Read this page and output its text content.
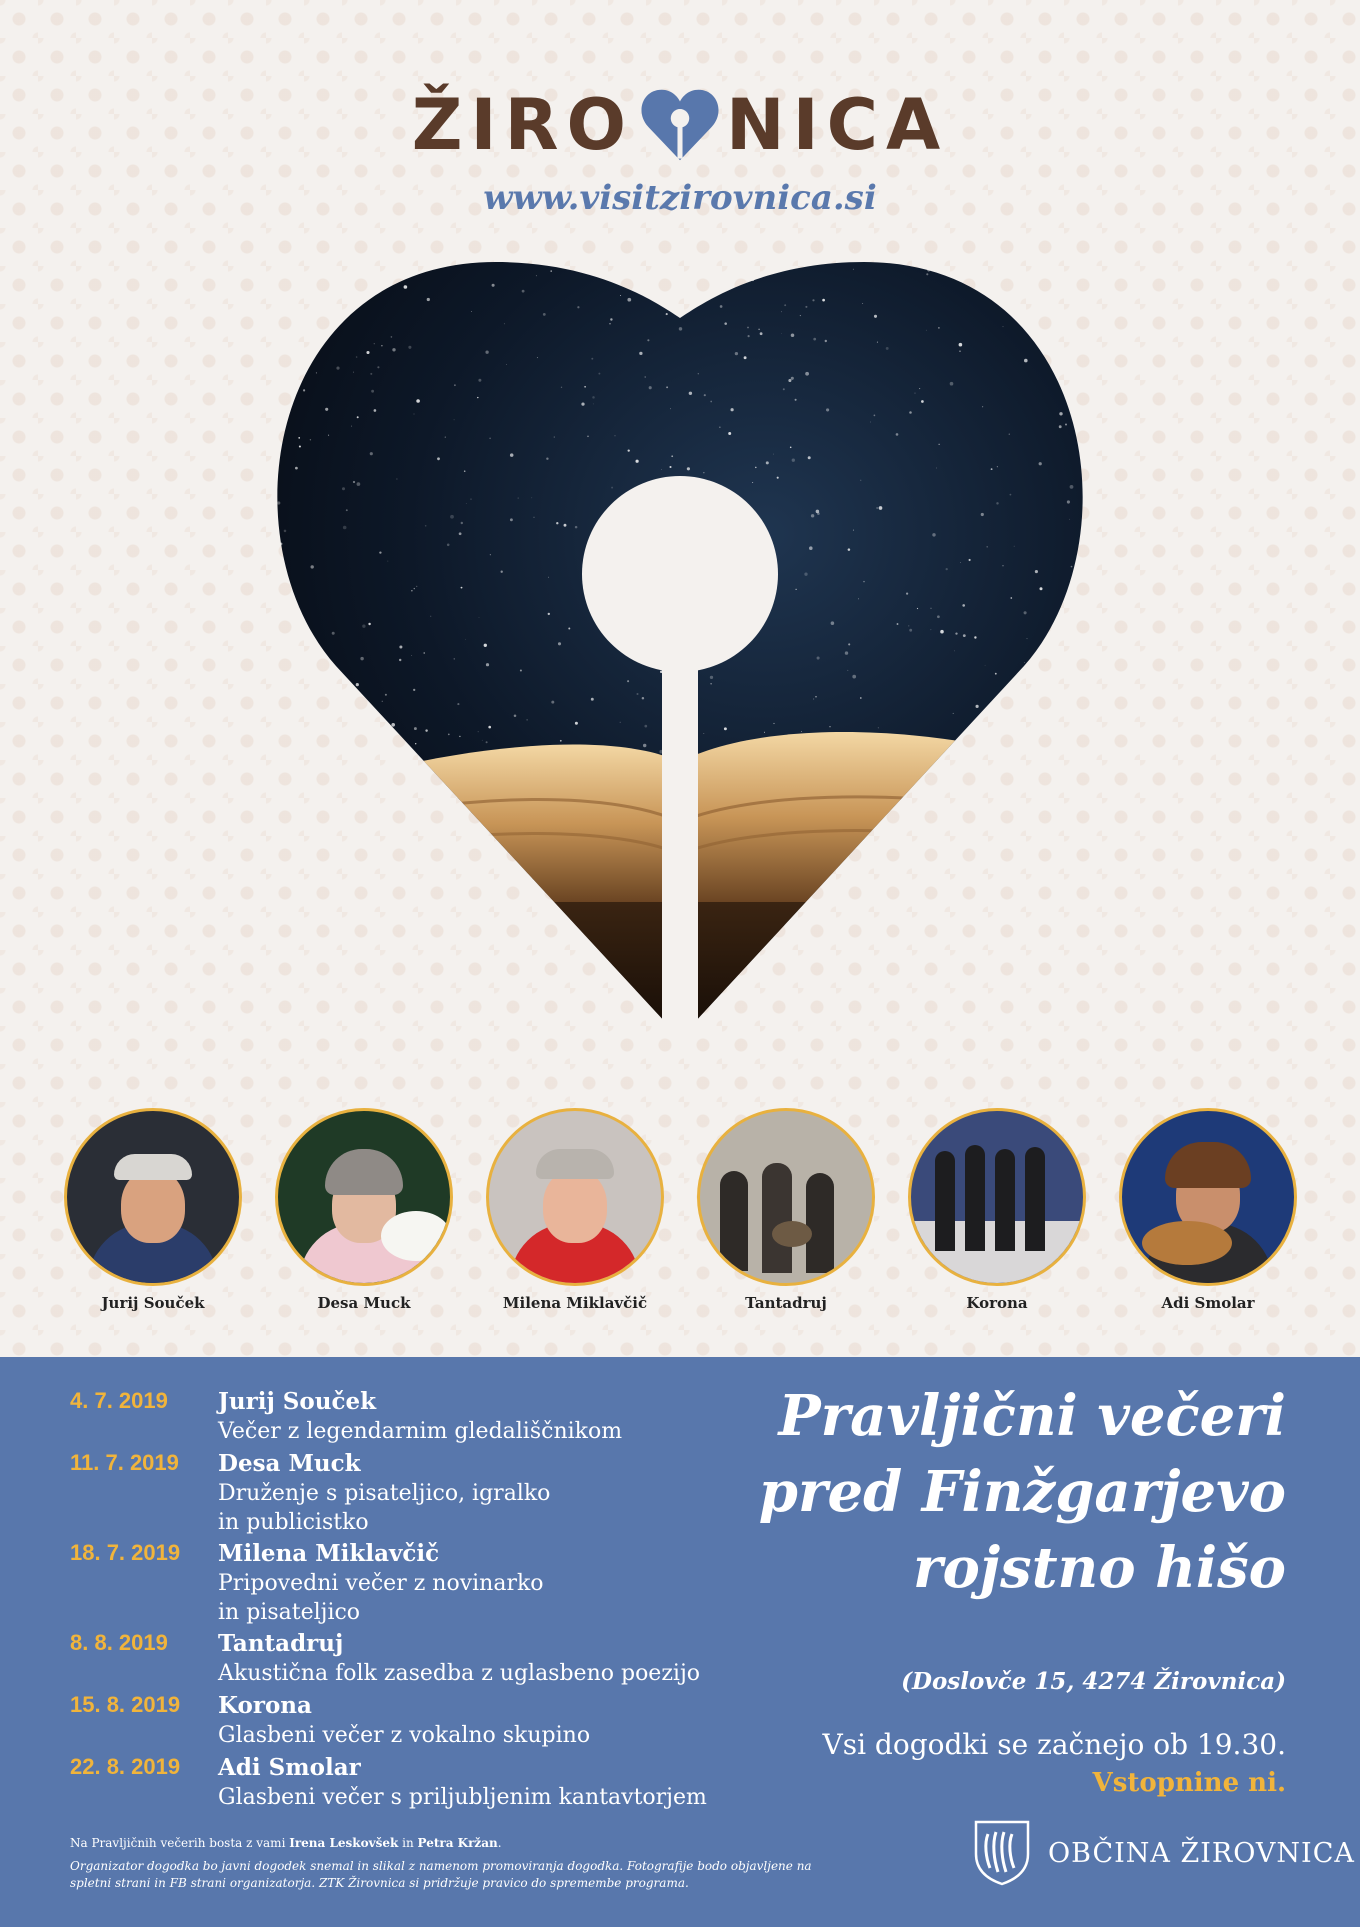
ŽIRO NICA
www.visitzirovnica.si
Jurij Souček	Desa Muck	Milena Miklavčič	Tantadruj	Korona	Adi Smolar
4. 7. 2019	Jurij Souček
Večer z legendarnim gledališčnikom
11. 7. 2019	Desa Muck
Druženje s pisateljico, igralko
in publicistko
18. 7. 2019	Milena Miklavčič
Pripovedni večer z novinarko
in pisateljico
8. 8. 2019	Tantadruj
Akustična folk zasedba z uglasbeno poezijo
15. 8. 2019	Korona
Glasbeni večer z vokalno skupino
22. 8. 2019	Adi Smolar
Glasbeni večer s priljubljenim kantavtorjem
Pravljični večeri
pred Finžgarjevo
rojstno hišo
(Doslovče 15, 4274 Žirovnica)
Vsi dogodki se začnejo ob 19.30.
Vstopnine ni.
Na Pravljičnih večerih bosta z vami Irena Leskovšek in Petra Kržan.
Organizator dogodka bo javni dogodek snemal in slikal z namenom promoviranja dogodka. Fotografije bodo objavljene na spletni strani in FB strani organizatorja. ZTK Žirovnica si pridržuje pravico do spremembe programa.
OBČINA ŽIROVNICA
